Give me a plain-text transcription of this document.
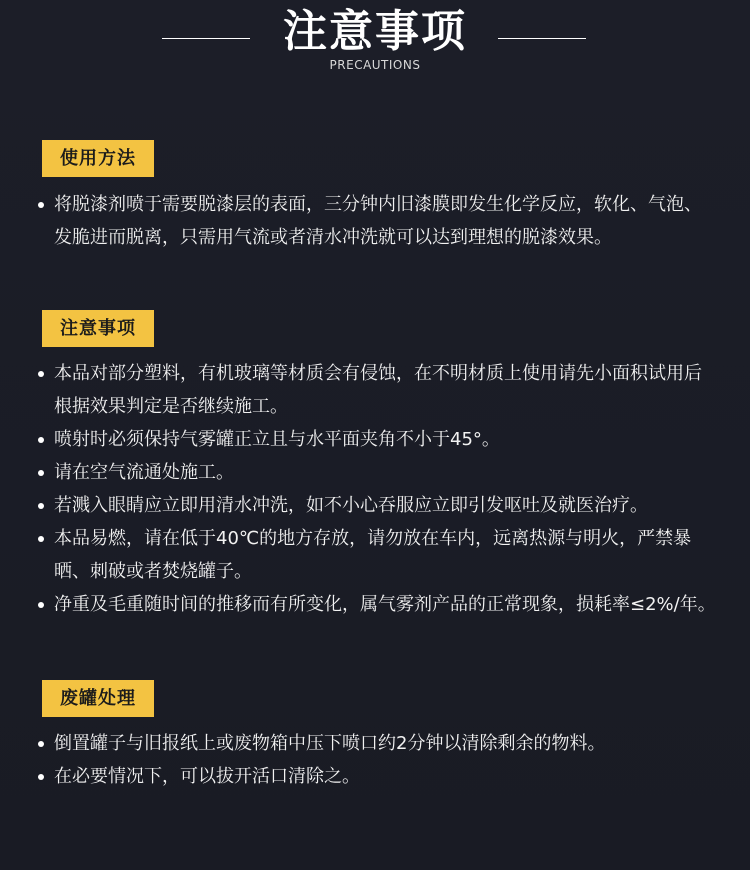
注意事项
PRECAUTIONS
使用方法
将脱漆剂喷于需要脱漆层的表面，三分钟内旧漆膜即发生化学反应，软化、气泡、发脆进而脱离，只需用气流或者清水冲洗就可以达到理想的脱漆效果。
注意事项
本品对部分塑料，有机玻璃等材质会有侵蚀，在不明材质上使用请先小面积试用后根据效果判定是否继续施工。
喷射时必须保持气雾罐正立且与水平面夹角不小于45°。
请在空气流通处施工。
若溅入眼睛应立即用清水冲洗，如不小心吞服应立即引发呕吐及就医治疗。
本品易燃，请在低于40℃的地方存放，请勿放在车内，远离热源与明火，严禁暴晒、刺破或者焚烧罐子。
净重及毛重随时间的推移而有所变化，属气雾剂产品的正常现象，损耗率≤2%/年。
废罐处理
倒置罐子与旧报纸上或废物箱中压下喷口约2分钟以清除剩余的物料。
在必要情况下，可以拔开活口清除之。
